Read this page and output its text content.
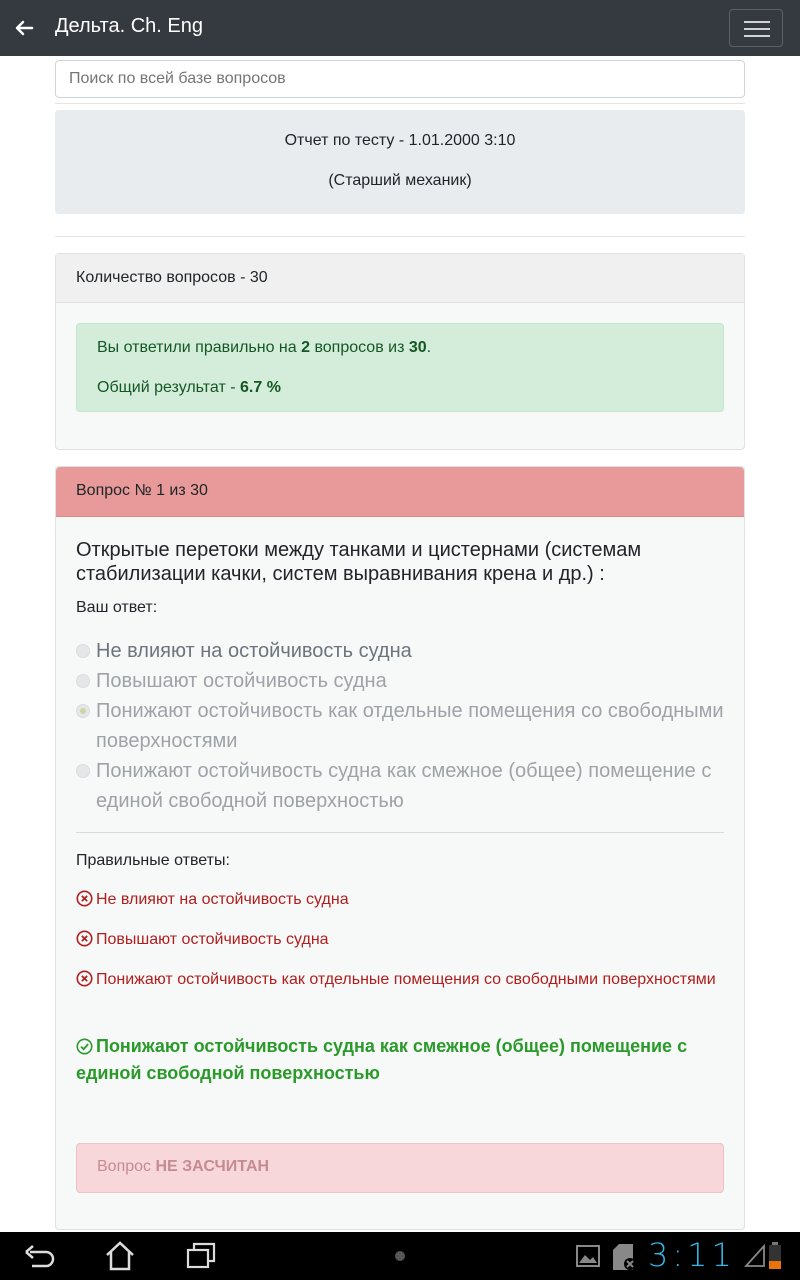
Дельта. Ch. Eng
Поиск по всей базе вопросов
Отчет по тесту - 1.01.2000 3:10
(Старший механик)
Количество вопросов - 30
Вы ответили правильно на 2 вопросов из 30.
Общий результат - 6.7 %
Вопрос № 1 из 30
Открытые перетоки между танками и цистернами (системам стабилизации качки, систем выравнивания крена и др.) :
Ваш ответ:
Не влияют на остойчивость судна
Повышают остойчивость судна
Понижают остойчивость как отдельные помещения со свободными поверхностями
Понижают остойчивость судна как смежное (общее) помещение с единой свободной поверхностью
Правильные ответы:
Не влияют на остойчивость судна
Повышают остойчивость судна
Понижают остойчивость как отдельные помещения со свободными поверхностями
Понижают остойчивость судна как смежное (общее) помещение с единой свободной поверхностью
Вопрос НЕ ЗАСЧИТАН
3:11
